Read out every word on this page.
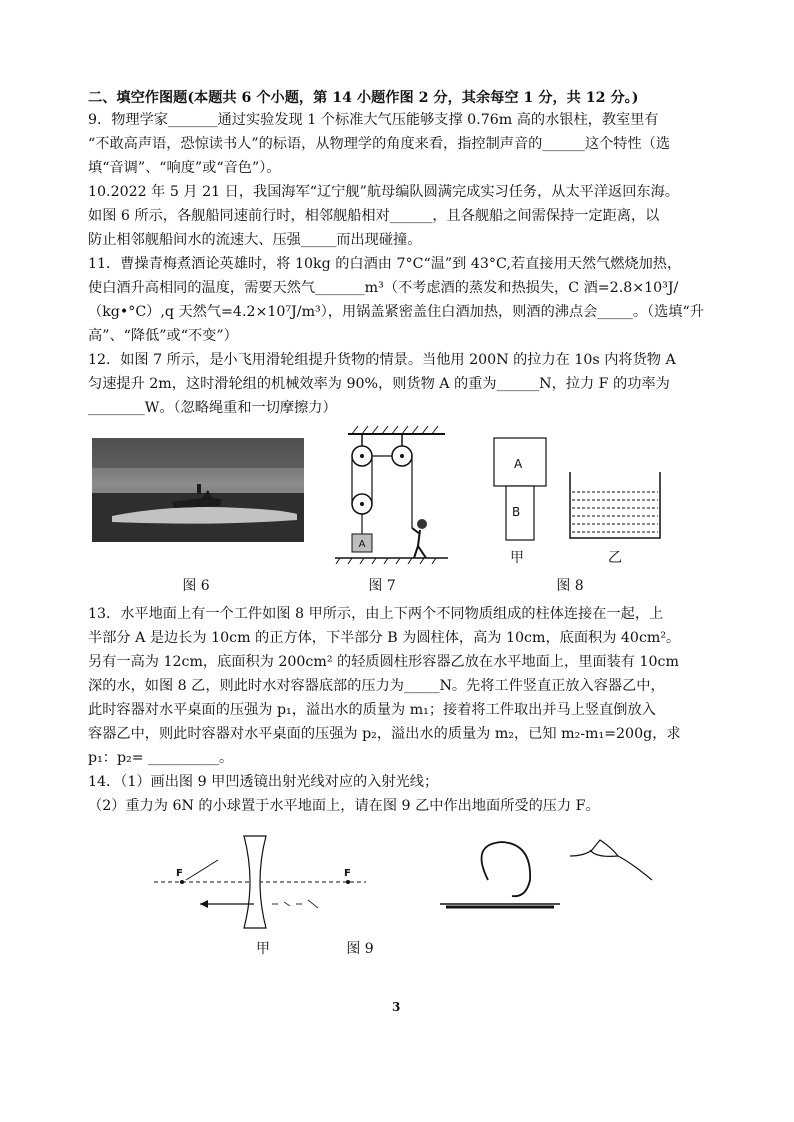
二、填空作图题(本题共 6 个小题，第 14 小题作图 2 分，其余每空 1 分，共 12 分。)
9．物理学家_______通过实验发现 1 个标准大气压能够支撑 0.76m 高的水银柱，教室里有
“不敢高声语，恐惊读书人”的标语，从物理学的角度来看，指控制声音的______这个特性（选
填“音调”、“响度”或“音色”）。
10.2022 年 5 月 21 日，我国海军“辽宁舰”航母编队圆满完成实习任务，从太平洋返回东海。
如图 6 所示，各舰船同速前行时，相邻舰船相对______，且各舰船之间需保持一定距离，以
防止相邻舰船间水的流速大、压强_____而出现碰撞。
11．曹操青梅煮酒论英雄时，将 10kg 的白酒由 7°C“温”到 43°C,若直接用天然气燃烧加热，
使白酒升高相同的温度，需要天然气_______m³（不考虑酒的蒸发和热损失，C 酒=2.8×10³J/
（kg•°C）,q 天然气=4.2×10⁷J/m³），用锅盖紧密盖住白酒加热，则酒的沸点会_____。（选填“升
高”、“降低”或“不变”）
12．如图 7 所示，是小飞用滑轮组提升货物的情景。当他用 200N 的拉力在 10s 内将货物 A
匀速提升 2m，这时滑轮组的机械效率为 90%，则货物 A 的重为______N，拉力 F 的功率为
________W。（忽略绳重和一切摩擦力）
图 6
A
图 7
A
B
甲	乙
图 8
13．水平地面上有一个工件如图 8 甲所示，由上下两个不同物质组成的柱体连接在一起，上
半部分 A 是边长为 10cm 的正方体，下半部分 B 为圆柱体，高为 10cm，底面积为 40cm²。
另有一高为 12cm，底面积为 200cm² 的轻质圆柱形容器乙放在水平地面上，里面装有 10cm
深的水，如图 8 乙，则此时水对容器底部的压力为_____N。先将工件竖直正放入容器乙中，
此时容器对水平桌面的压强为 p₁，溢出水的质量为 m₁；接着将工件取出并马上竖直倒放入
容器乙中，则此时容器对水平桌面的压强为 p₂，溢出水的质量为 m₂，已知 m₂-m₁=200g，求
p₁：p₂= __________。
14．（1）画出图 9 甲凹透镜出射光线对应的入射光线；
（2）重力为 6N 的小球置于水平地面上，请在图 9 乙中作出地面所受的压力 F。
F	F
甲	图 9
3
